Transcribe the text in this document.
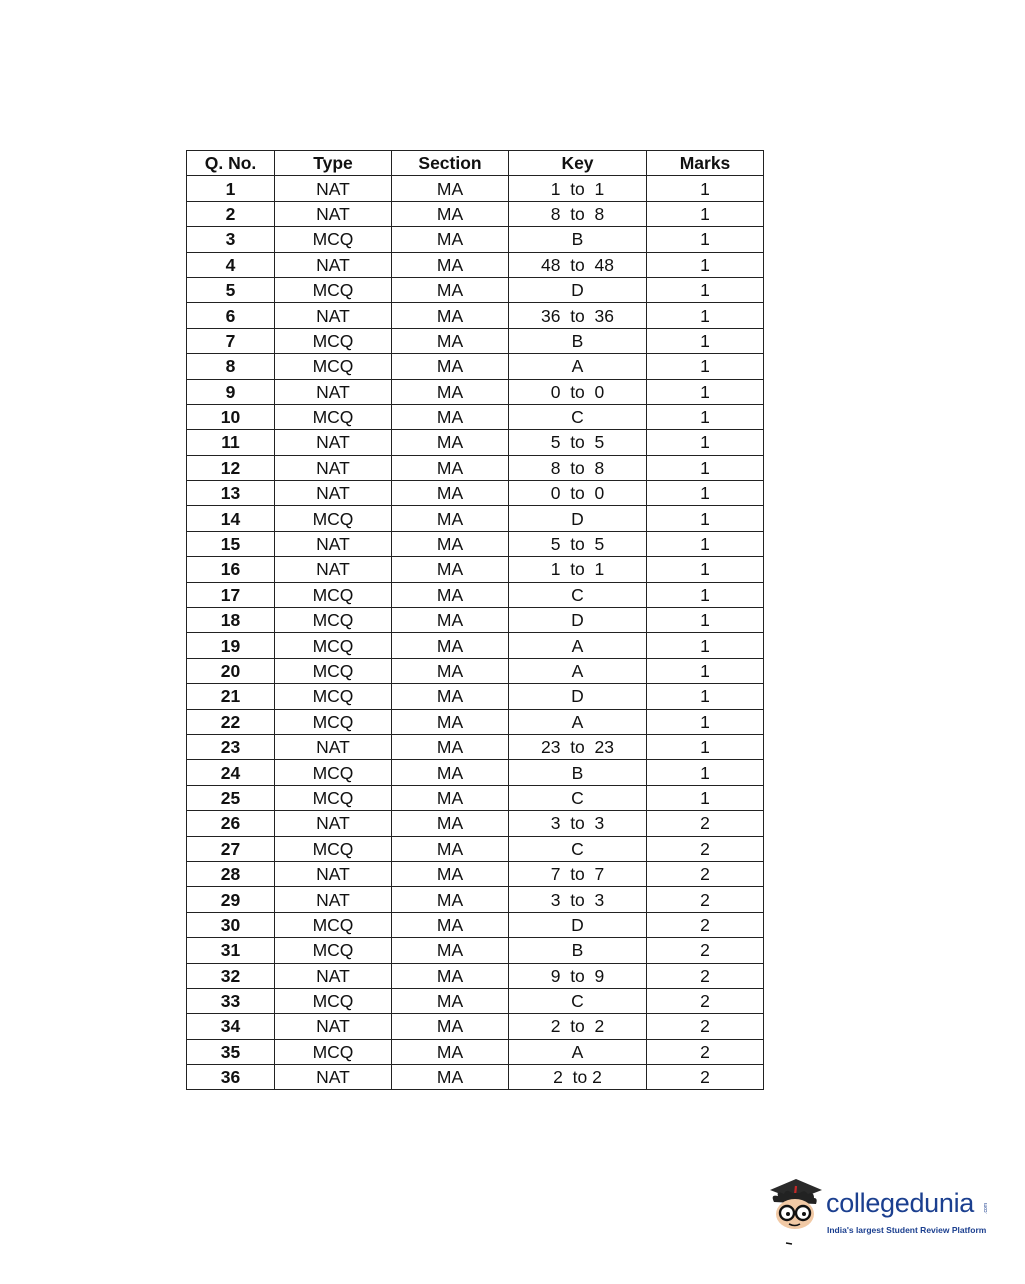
Q. No.	Type	Section	Key	Marks
1	NAT	MA	1  to  1	1
2	NAT	MA	8  to  8	1
3	MCQ	MA	B	1
4	NAT	MA	48  to  48	1
5	MCQ	MA	D	1
6	NAT	MA	36  to  36	1
7	MCQ	MA	B	1
8	MCQ	MA	A	1
9	NAT	MA	0  to  0	1
10	MCQ	MA	C	1
11	NAT	MA	5  to  5	1
12	NAT	MA	8  to  8	1
13	NAT	MA	0  to  0	1
14	MCQ	MA	D	1
15	NAT	MA	5  to  5	1
16	NAT	MA	1  to  1	1
17	MCQ	MA	C	1
18	MCQ	MA	D	1
19	MCQ	MA	A	1
20	MCQ	MA	A	1
21	MCQ	MA	D	1
22	MCQ	MA	A	1
23	NAT	MA	23  to  23	1
24	MCQ	MA	B	1
25	MCQ	MA	C	1
26	NAT	MA	3  to  3	2
27	MCQ	MA	C	2
28	NAT	MA	7  to  7	2
29	NAT	MA	3  to  3	2
30	MCQ	MA	D	2
31	MCQ	MA	B	2
32	NAT	MA	9  to  9	2
33	MCQ	MA	C	2
34	NAT	MA	2  to  2	2
35	MCQ	MA	A	2
36	NAT	MA	2  to 2	2
collegedunia .com
India's largest Student Review Platform
